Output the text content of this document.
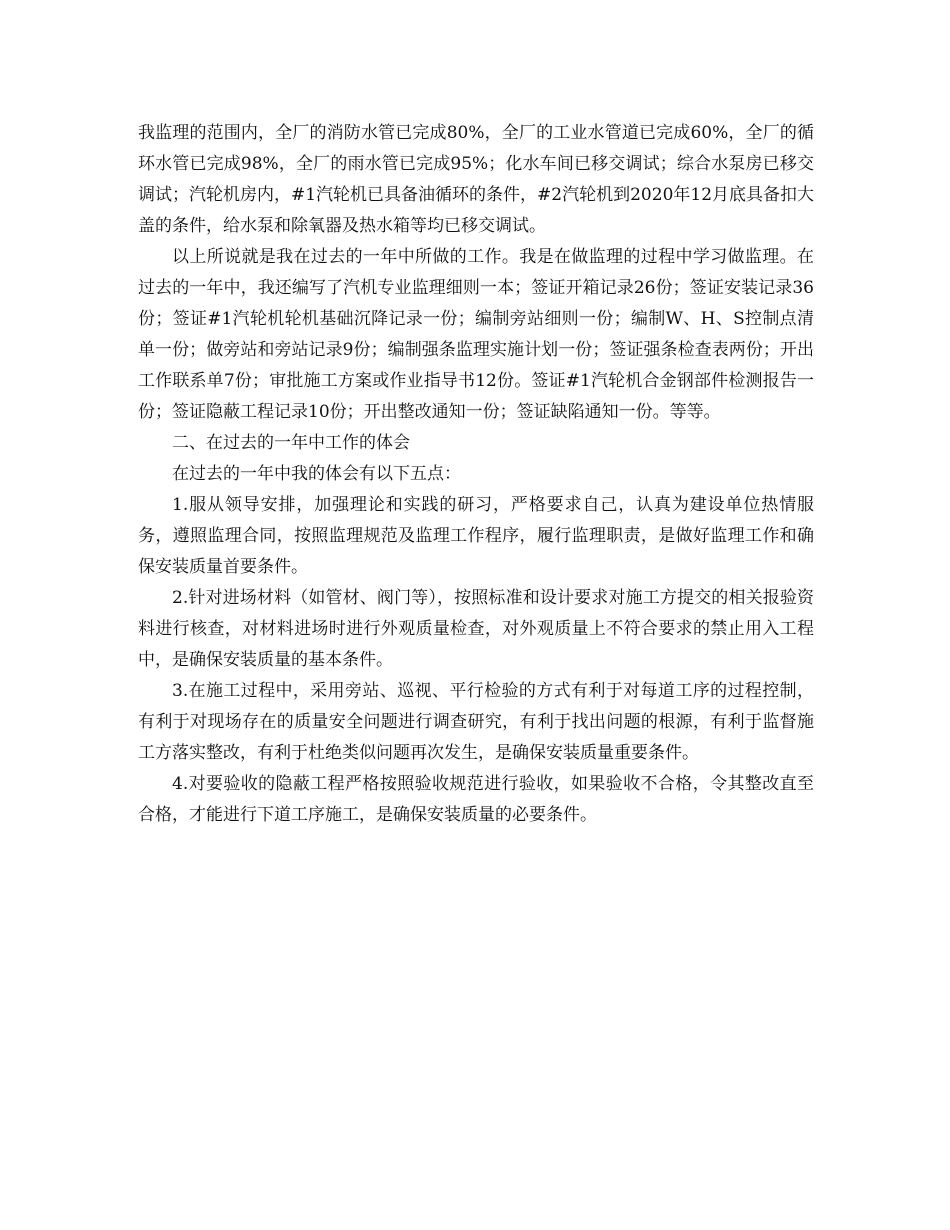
我监理的范围内，全厂的消防水管已完成80%，全厂的工业水管道已完成60%，全厂的循环水管已完成98%，全厂的雨水管已完成95%；化水车间已移交调试；综合水泵房已移交调试；汽轮机房内，#1汽轮机已具备油循环的条件，#2汽轮机到2020年12月底具备扣大盖的条件，给水泵和除氧器及热水箱等均已移交调试。

以上所说就是我在过去的一年中所做的工作。我是在做监理的过程中学习做监理。在过去的一年中，我还编写了汽机专业监理细则一本；签证开箱记录26份；签证安装记录36份；签证#1汽轮机轮机基础沉降记录一份；编制旁站细则一份；编制W、H、S控制点清单一份；做旁站和旁站记录9份；编制强条监理实施计划一份；签证强条检查表两份；开出工作联系单7份；审批施工方案或作业指导书12份。签证#1汽轮机合金钢部件检测报告一份；签证隐蔽工程记录10份；开出整改通知一份；签证缺陷通知一份。等等。

二、在过去的一年中工作的体会

在过去的一年中我的体会有以下五点：

1.服从领导安排，加强理论和实践的研习，严格要求自己，认真为建设单位热情服务，遵照监理合同，按照监理规范及监理工作程序，履行监理职责，是做好监理工作和确保安装质量首要条件。

2.针对进场材料（如管材、阀门等），按照标准和设计要求对施工方提交的相关报验资料进行核查，对材料进场时进行外观质量检查，对外观质量上不符合要求的禁止用入工程中，是确保安装质量的基本条件。

3.在施工过程中，采用旁站、巡视、平行检验的方式有利于对每道工序的过程控制，有利于对现场存在的质量安全问题进行调查研究，有利于找出问题的根源，有利于监督施工方落实整改，有利于杜绝类似问题再次发生，是确保安装质量重要条件。

4.对要验收的隐蔽工程严格按照验收规范进行验收，如果验收不合格，令其整改直至合格，才能进行下道工序施工，是确保安装质量的必要条件。
